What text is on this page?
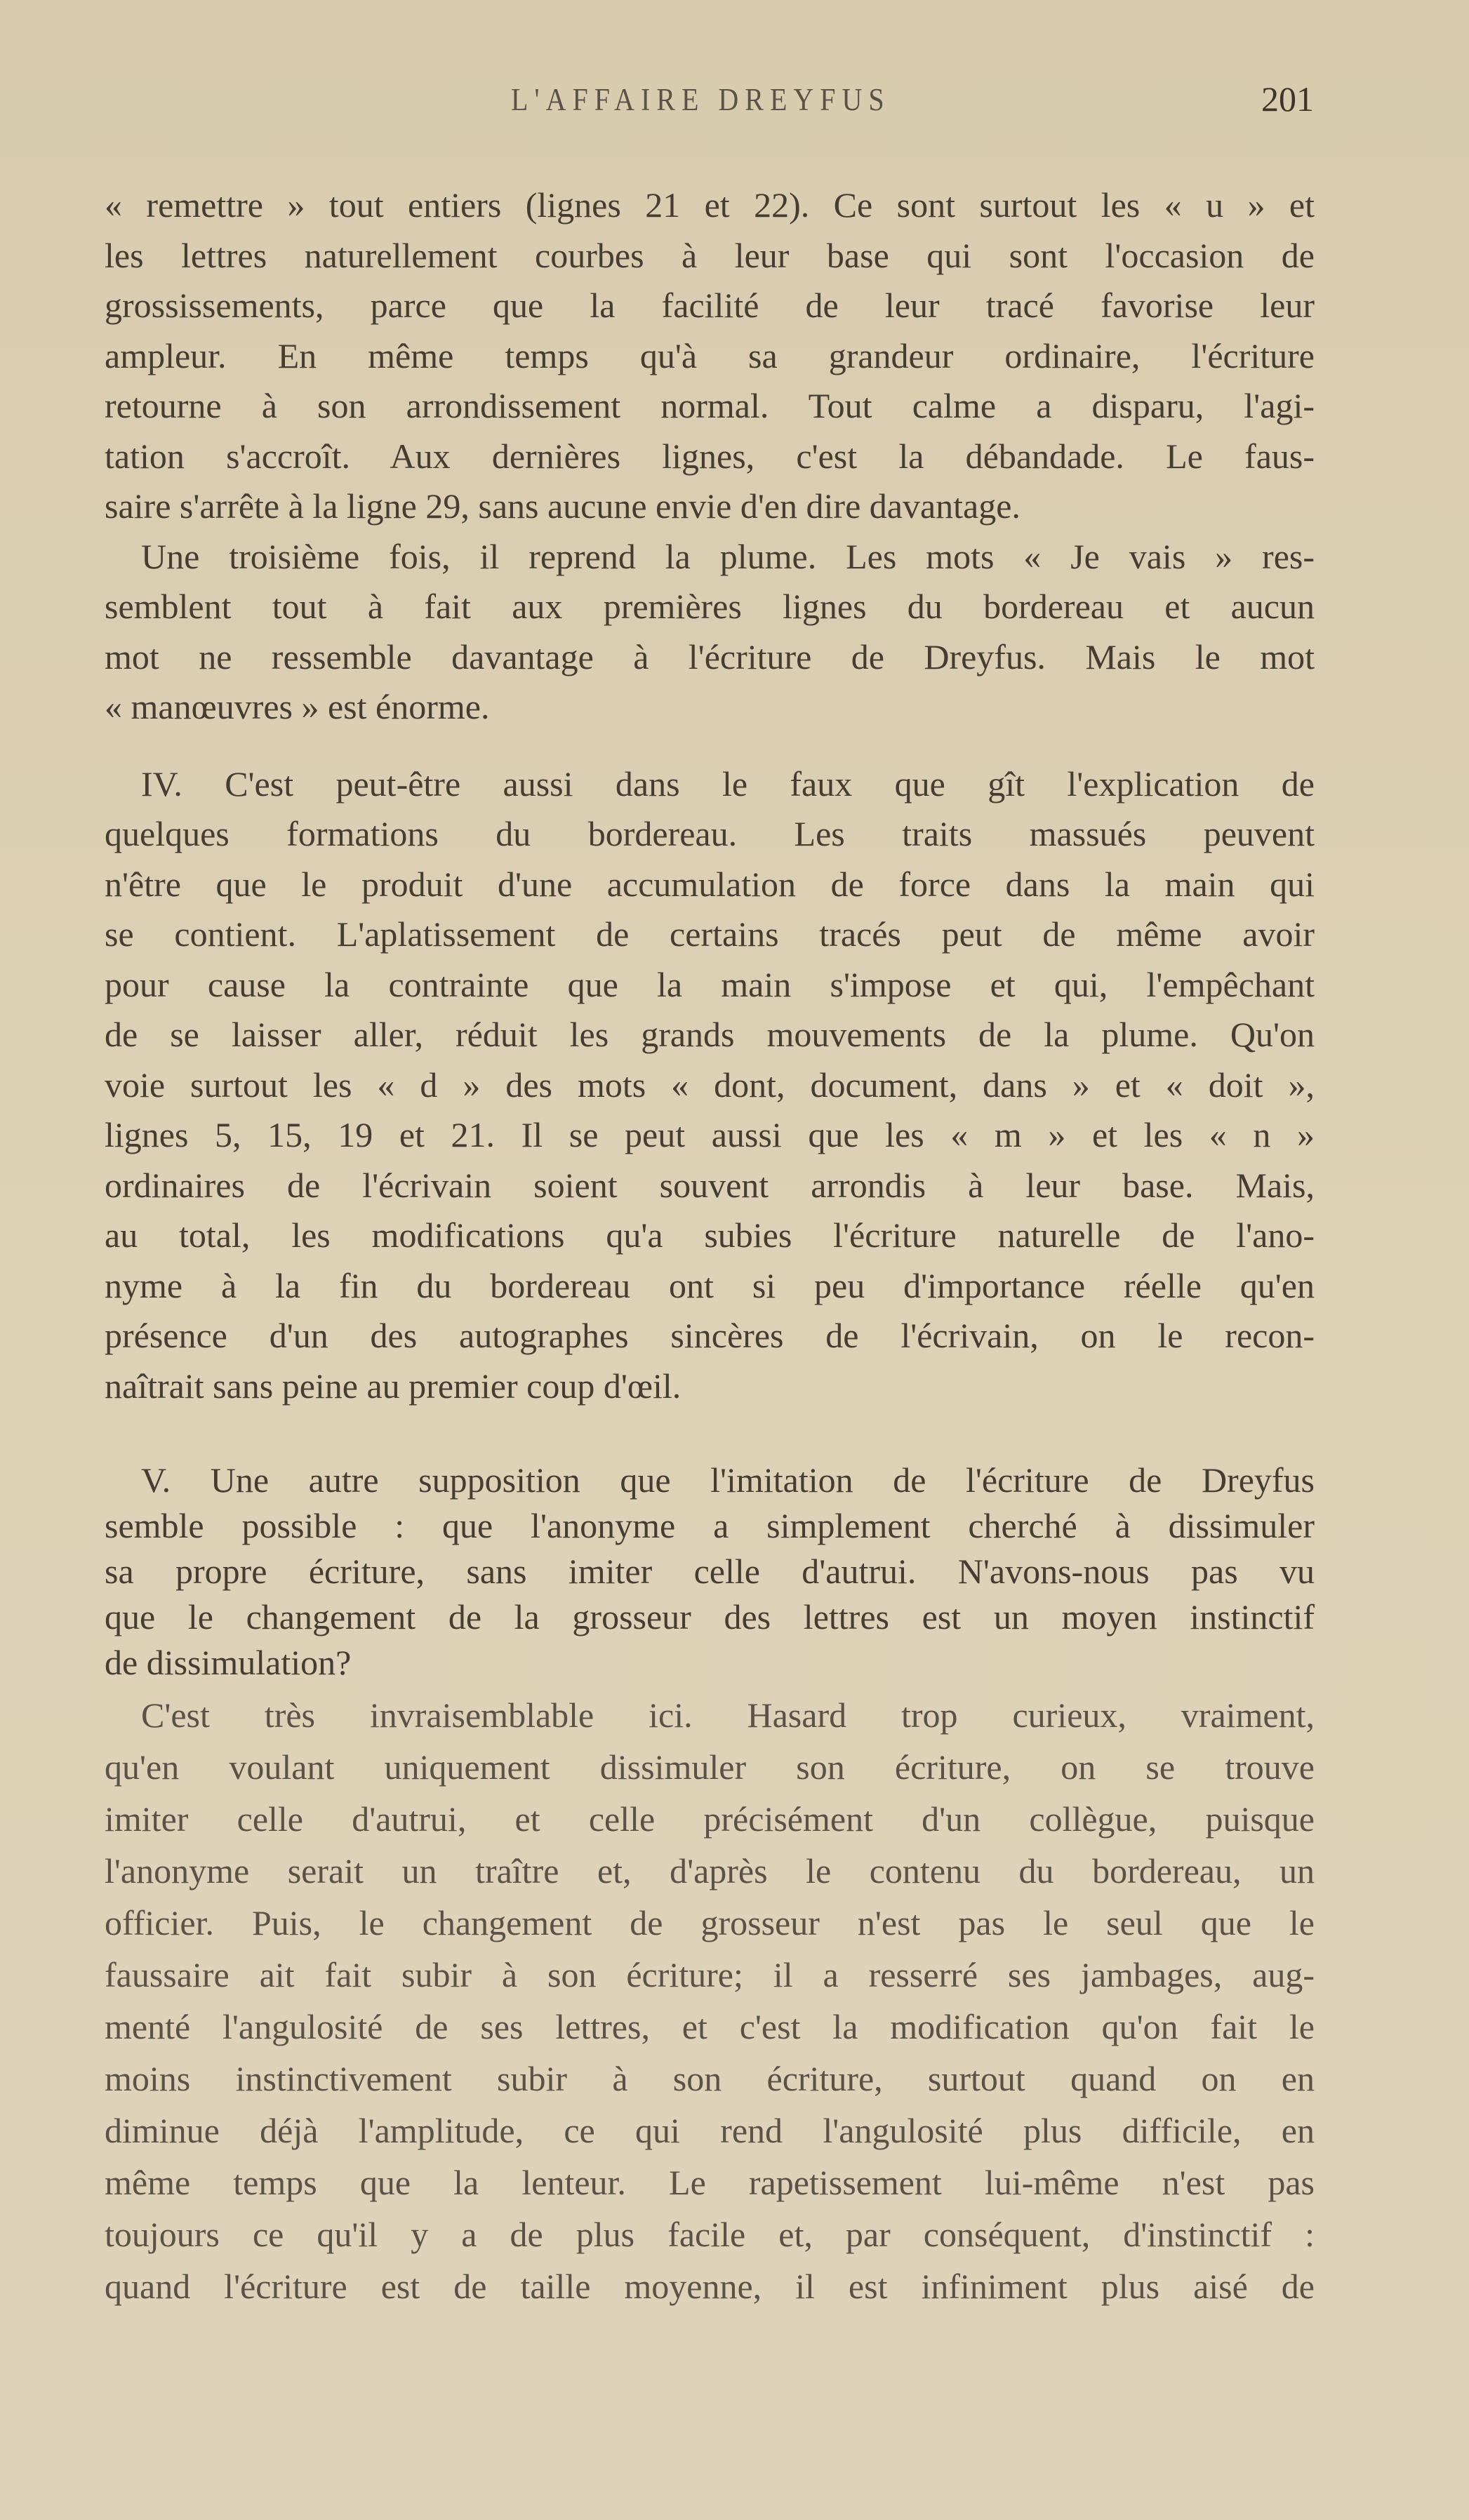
L'AFFAIRE DREYFUS	201
« remettre » tout entiers (lignes 21 et 22). Ce sont surtout les « u » et
les lettres naturellement courbes à leur base qui sont l'occasion de
grossissements, parce que la facilité de leur tracé favorise leur
ampleur. En même temps qu'à sa grandeur ordinaire, l'écriture
retourne à son arrondissement normal. Tout calme a disparu, l'agi-
tation s'accroît. Aux dernières lignes, c'est la débandade. Le faus-
saire s'arrête à la ligne 29, sans aucune envie d'en dire davantage.
Une troisième fois, il reprend la plume. Les mots « Je vais » res-
semblent tout à fait aux premières lignes du bordereau et aucun
mot ne ressemble davantage à l'écriture de Dreyfus. Mais le mot
« manœuvres » est énorme.
IV. C'est peut-être aussi dans le faux que gît l'explication de
quelques formations du bordereau. Les traits massués peuvent
n'être que le produit d'une accumulation de force dans la main qui
se contient. L'aplatissement de certains tracés peut de même avoir
pour cause la contrainte que la main s'impose et qui, l'empêchant
de se laisser aller, réduit les grands mouvements de la plume. Qu'on
voie surtout les « d » des mots « dont, document, dans » et « doit »,
lignes 5, 15, 19 et 21. Il se peut aussi que les « m » et les « n »
ordinaires de l'écrivain soient souvent arrondis à leur base. Mais,
au total, les modifications qu'a subies l'écriture naturelle de l'ano-
nyme à la fin du bordereau ont si peu d'importance réelle qu'en
présence d'un des autographes sincères de l'écrivain, on le recon-
naîtrait sans peine au premier coup d'œil.
V. Une autre supposition que l'imitation de l'écriture de Dreyfus
semble possible : que l'anonyme a simplement cherché à dissimuler
sa propre écriture, sans imiter celle d'autrui. N'avons-nous pas vu
que le changement de la grosseur des lettres est un moyen instinctif
de dissimulation?
C'est très invraisemblable ici. Hasard trop curieux, vraiment,
qu'en voulant uniquement dissimuler son écriture, on se trouve
imiter celle d'autrui, et celle précisément d'un collègue, puisque
l'anonyme serait un traître et, d'après le contenu du bordereau, un
officier. Puis, le changement de grosseur n'est pas le seul que le
faussaire ait fait subir à son écriture; il a resserré ses jambages, aug-
menté l'angulosité de ses lettres, et c'est la modification qu'on fait le
moins instinctivement subir à son écriture, surtout quand on en
diminue déjà l'amplitude, ce qui rend l'angulosité plus difficile, en
même temps que la lenteur. Le rapetissement lui-même n'est pas
toujours ce qu'il y a de plus facile et, par conséquent, d'instinctif :
quand l'écriture est de taille moyenne, il est infiniment plus aisé de
